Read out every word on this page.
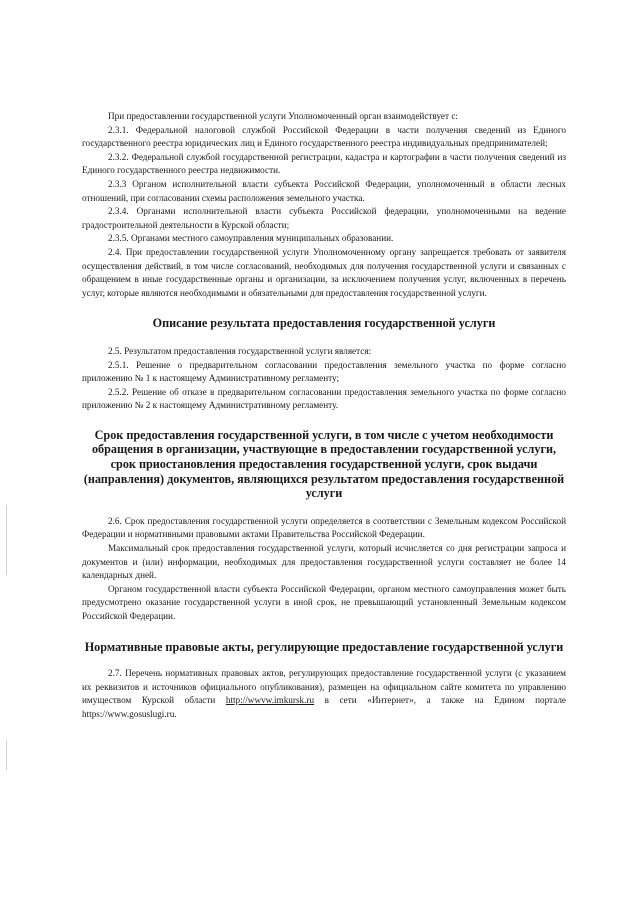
При предоставлении государственной услуги Уполномоченный орган взаимодействует с:

2.3.1. Федеральной налоговой службой Российской Федерации в части получения сведений из Единого государственного реестра юридических лиц и Единого государственного реестра индивидуальных предпринимателей;

2.3.2. Федеральной службой государственной регистрации, кадастра и картографии в части получения сведений из Единого государственного реестра недвижимости.

2.3.3 Органом исполнительной власти субъекта Российской Федерации, уполномоченный в области лесных отношений, при согласовании схемы расположения земельного участка.

2.3.4. Органами исполнительной власти субъекта Российской федерации, уполномоченными на ведение градостроительной деятельности в Курской области;

2.3.5. Органами местного самоуправления муниципальных образовании.

2.4. При предоставлении государственной услуги Уполномоченному органу запрещается требовать от заявителя осуществления действий, в том числе согласований, необходимых для получения государственной услуги и связанных с обращением в иные государственные органы и организации, за исключением получения услуг, включенных в перечень услуг, которые являются необходимыми и обязательными для предоставления государственной услуги.

Описание результата предоставления государственной услуги

2.5. Результатом предоставления государственной услуги является:

2.5.1. Решение о предварительном согласовании предоставления земельного участка по форме согласно приложению № 1 к настоящему Административному регламенту;

2.5.2. Решение об отказе в предварительном согласовании предоставления земельного участка по форме согласно приложению № 2 к настоящему Административному регламенту.

Срок предоставления государственной услуги, в том числе с учетом необходимости обращения в организации, участвующие в предоставлении государственной услуги, срок приостановления предоставления государственной услуги, срок выдачи (направления) документов, являющихся результатом предоставления государственной услуги

2.6. Срок предоставления государственной услуги определяется в соответствии с Земельным кодексом Российской Федерации и нормативными правовыми актами Правительства Российской Федерации.

Максимальный срок предоставления государственной услуги, который исчисляется со дня регистрации запроса и документов и (или) информации, необходимых для предоставления государственной услуги составляет не более 14 календарных дней.

Органом государственной власти субъекта Российской Федерации, органом местного самоуправления может быть предусмотрено оказание государственной услуги в иной срок, не превышающий установленный Земельным кодексом Российской Федерации.

Нормативные правовые акты, регулирующие предоставление государственной услуги

2.7. Перечень нормативных правовых актов, регулирующих предоставление государственной услуги (с указанием их реквизитов и источников официального опубликования), размещен на официальном сайте комитета по управлению имуществом Курской области http://wwvw.imkursk.ru в сети «Интернет», а также на Едином портале https://www.gosuslugi.ru.
